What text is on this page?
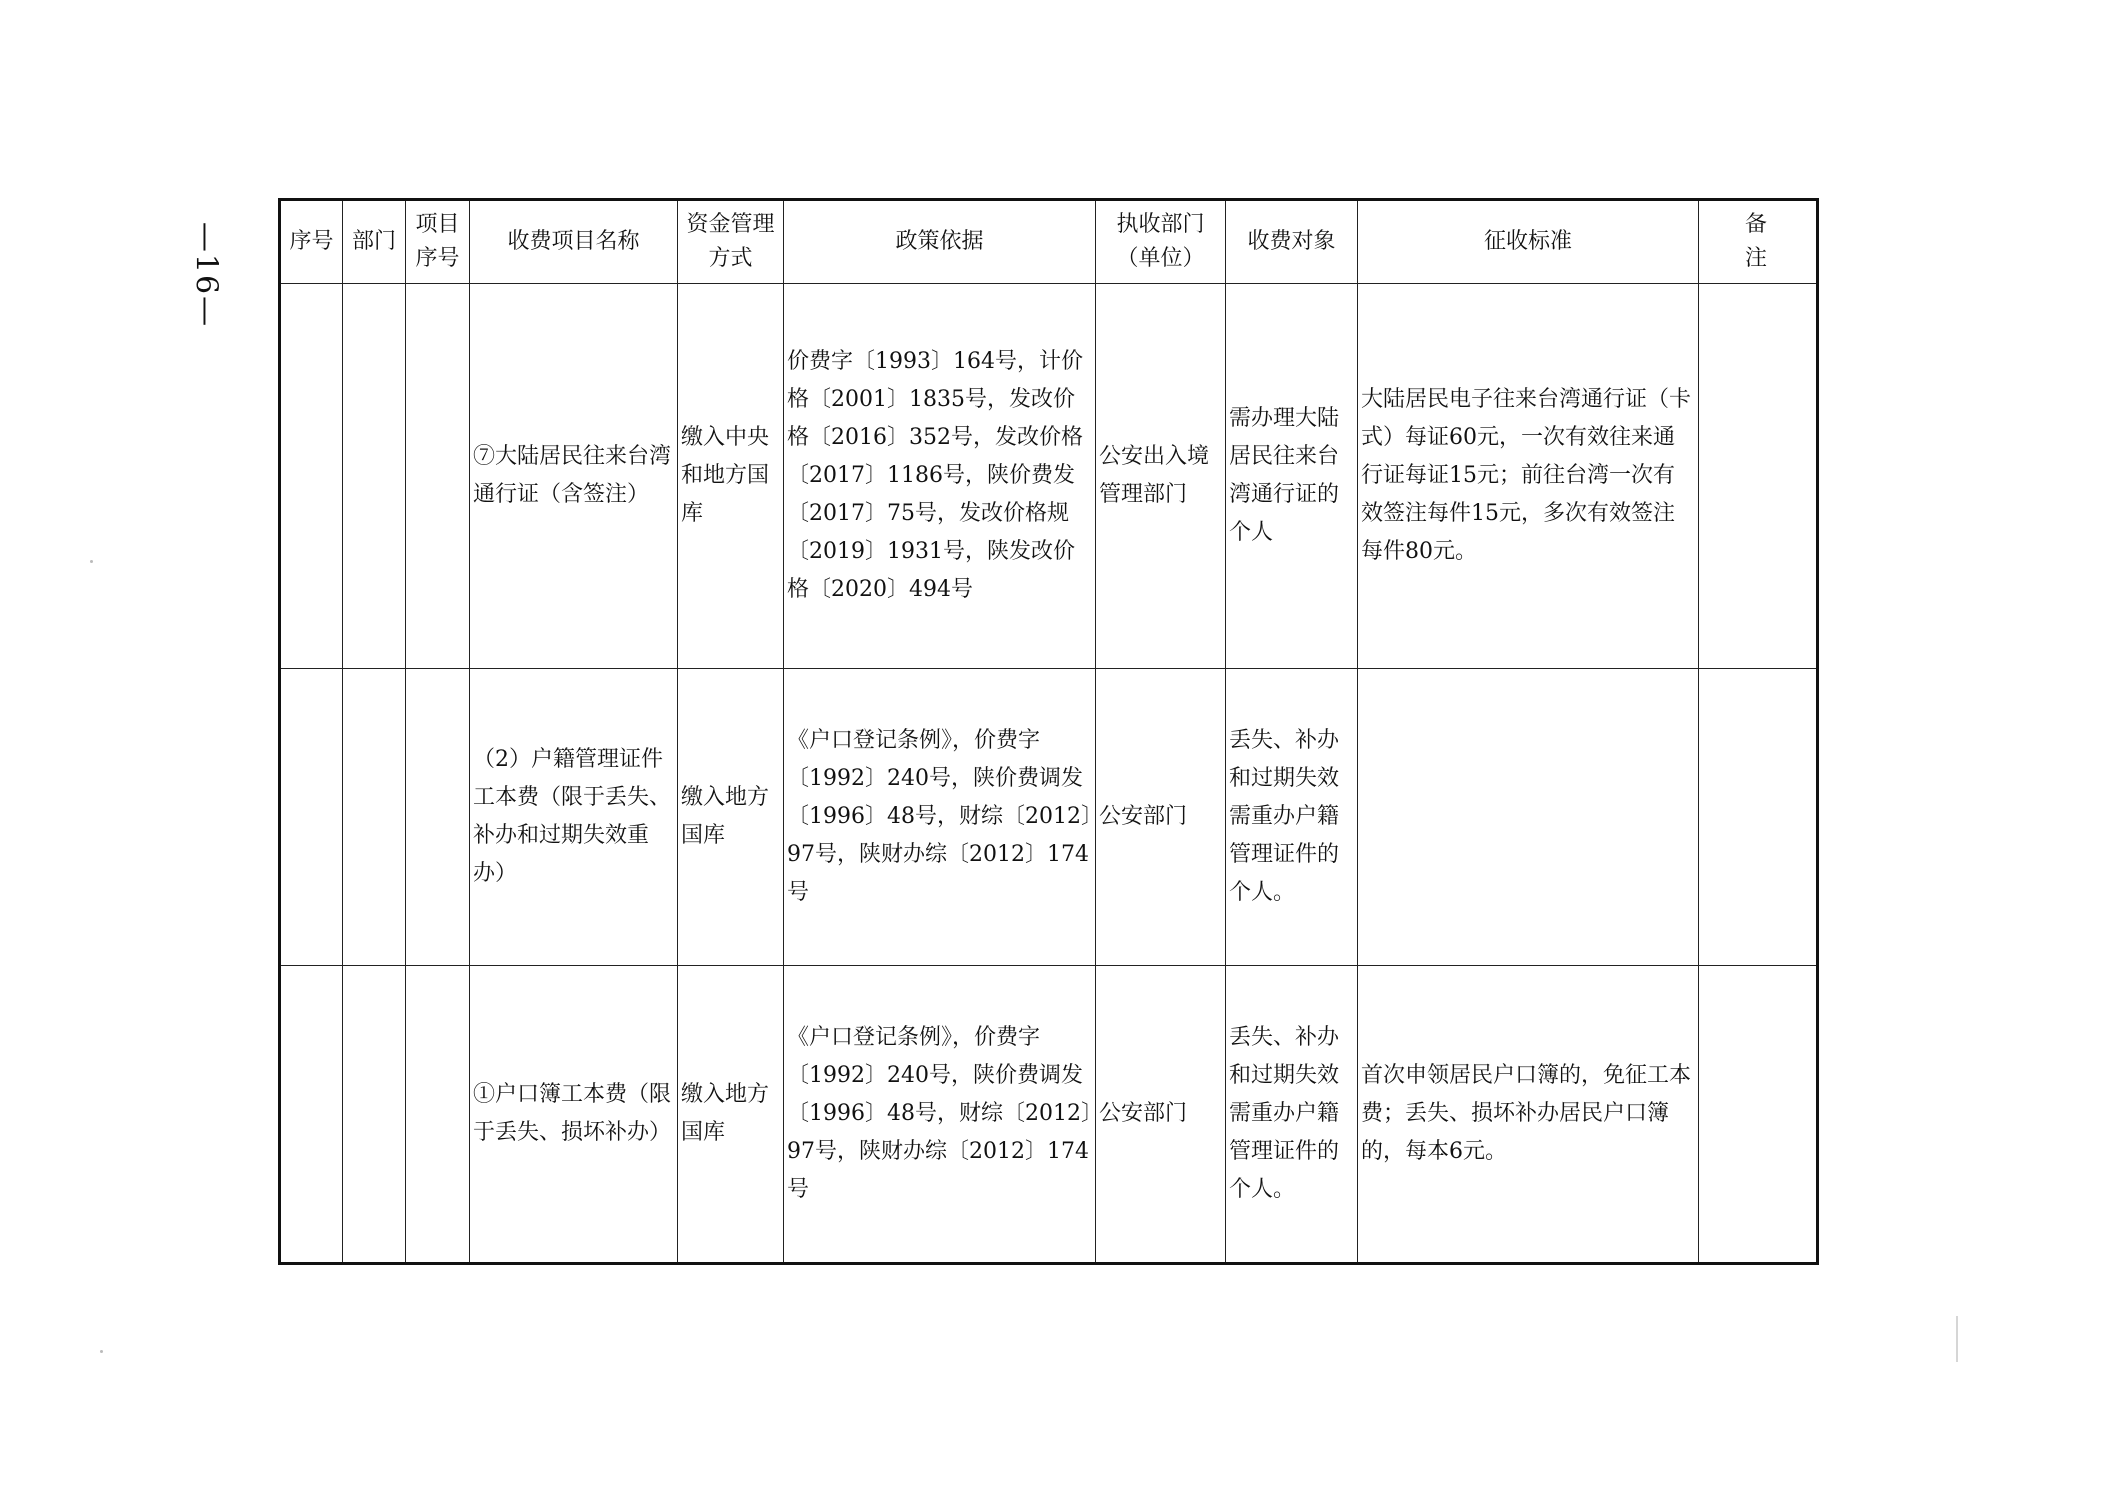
—16—	序号	部门	项目序号	收费项目名称	资金管理方式	政策依据	执收部门（单位）	收费对象	征收标准	备注
			⑦大陆居民往来台湾通行证（含签注）	缴入中央和地方国库	价费字〔1993〕164号，计价格〔2001〕1835号，发改价格〔2016〕352号，发改价格〔2017〕1186号，陕价费发〔2017〕75号，发改价格规〔2019〕1931号，陕发改价格〔2020〕494号	公安出入境管理部门	需办理大陆居民往来台湾通行证的个人	大陆居民电子往来台湾通行证（卡式）每证60元，一次有效往来通行证每证15元；前往台湾一次有效签注每件15元，多次有效签注每件80元。	
			（2）户籍管理证件工本费（限于丢失、补办和过期失效重办）	缴入地方国库	《户口登记条例》，价费字〔1992〕240号，陕价费调发〔1996〕48号，财综〔2012〕97号，陕财办综〔2012〕174号	公安部门	丢失、补办和过期失效需重办户籍管理证件的个人。		
			①户口簿工本费（限于丢失、损坏补办）	缴入地方国库	《户口登记条例》，价费字〔1992〕240号，陕价费调发〔1996〕48号，财综〔2012〕97号，陕财办综〔2012〕174号	公安部门	丢失、补办和过期失效需重办户籍管理证件的个人。	首次申领居民户口簿的，免征工本费；丢失、损坏补办居民户口簿的，每本6元。	
